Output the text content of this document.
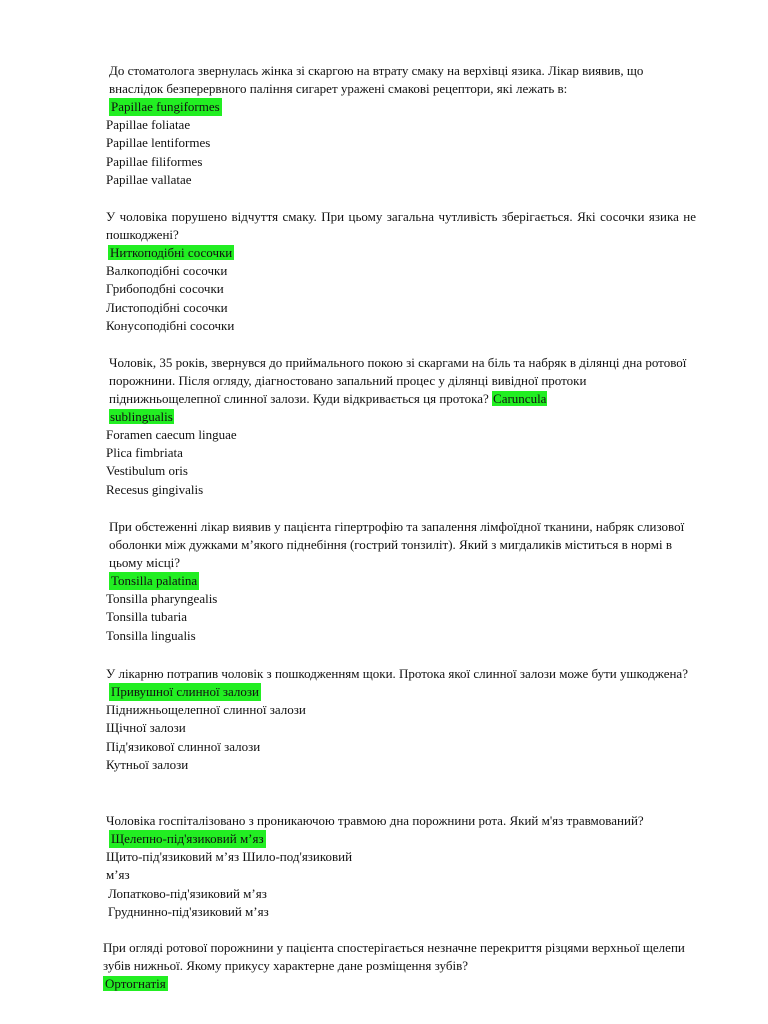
До стоматолога звернулась жінка зі скаргою на втрату смаку на верхівці язика. Лікар виявив, що внаслідок безперервного паління сигарет уражені смакові рецептори, які лежать в:

Papillae fungiformes

Papillae foliatae

Papillae lentiformes

Papillae filiformes

Papillae vallatae

У чоловіка порушено відчуття смаку. При цьому загальна чутливість зберігається. Які сосочки язика не пошкоджені?

Ниткоподібні сосочки

Валкоподібні сосочки

Грибоподбні сосочки

Листоподібні сосочки

Конусоподібні сосочки

Чоловік, 35 років, звернувся до приймального покою зі скаргами на біль та набряк в ділянці дна ротової порожнини. Після огляду, діагностовано запальний процес у ділянці вивідної протоки піднижньощелепної слинної залози. Куди відкривається ця протока? Caruncula
sublingualis

Foramen caecum linguae

Plica fimbriata

Vestibulum oris

Recesus gingivalis

При обстеженні лікар виявив у пацієнта гіпертрофію та запалення лімфоїдної тканини, набряк слизової оболонки між дужками м’якого піднебіння (гострий тонзиліт). Який з мигдаликів міститься в нормі в цьому місці?

Tonsilla palatina

Tonsilla pharyngealis

Tonsilla tubaria

Tonsilla lingualis

У лікарню потрапив чоловік з пошкодженням щоки. Протока якої слинної залози може бути ушкоджена?

Привушної слинної залози

Піднижньощелепної слинної залози

Щічної залози

Під'язикової слинної залози

Кутньої залози

Чоловіка госпіталізовано з проникаючою травмою дна порожнини рота. Який м'яз травмований?

Щелепно-під'язиковий м’яз

Щито-під'язиковий м’яз Шило-под'язиковий

м’яз

Лопатково-під'язиковий м’яз

Груднинно-під'язиковий м’яз

При огляді ротової порожнини у пацієнта спостерігається незначне перекриття різцями верхньої щелепи зубів нижньої. Якому прикусу характерне дане розміщення зубів?

Ортогнатія
